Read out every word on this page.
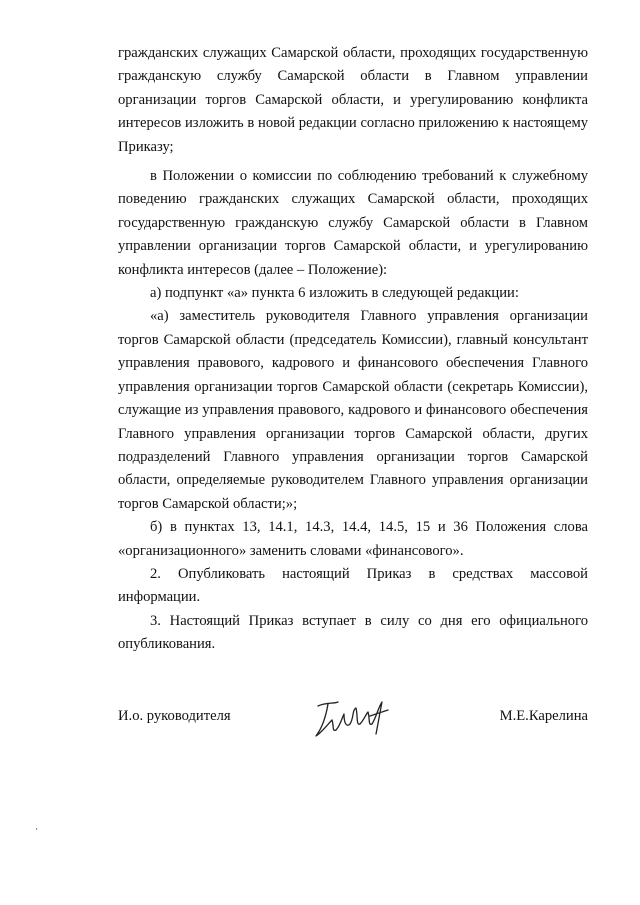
гражданских служащих Самарской области, проходящих государственную гражданскую службу Самарской области в Главном управлении организации торгов Самарской области, и урегулированию конфликта интересов изложить в новой редакции согласно приложению к настоящему Приказу;

в Положении о комиссии по соблюдению требований к служебному поведению гражданских служащих Самарской области, проходящих государственную гражданскую службу Самарской области в Главном управлении организации торгов Самарской области, и урегулированию конфликта интересов (далее – Положение):

а) подпункт «а» пункта 6 изложить в следующей редакции:

«а) заместитель руководителя Главного управления организации торгов Самарской области (председатель Комиссии), главный консультант управления правового, кадрового и финансового обеспечения Главного управления организации торгов Самарской области (секретарь Комиссии), служащие из управления правового, кадрового и финансового обеспечения Главного управления организации торгов Самарской области, других подразделений Главного управления организации торгов Самарской области, определяемые руководителем Главного управления организации торгов Самарской области;»;

б) в пунктах 13, 14.1, 14.3, 14.4, 14.5, 15 и 36 Положения слова «организационного» заменить словами «финансового».

2. Опубликовать настоящий Приказ в средствах массовой информации.

3. Настоящий Приказ вступает в силу со дня его официального опубликования.

И.о. руководителя	М.Е.Карелина
